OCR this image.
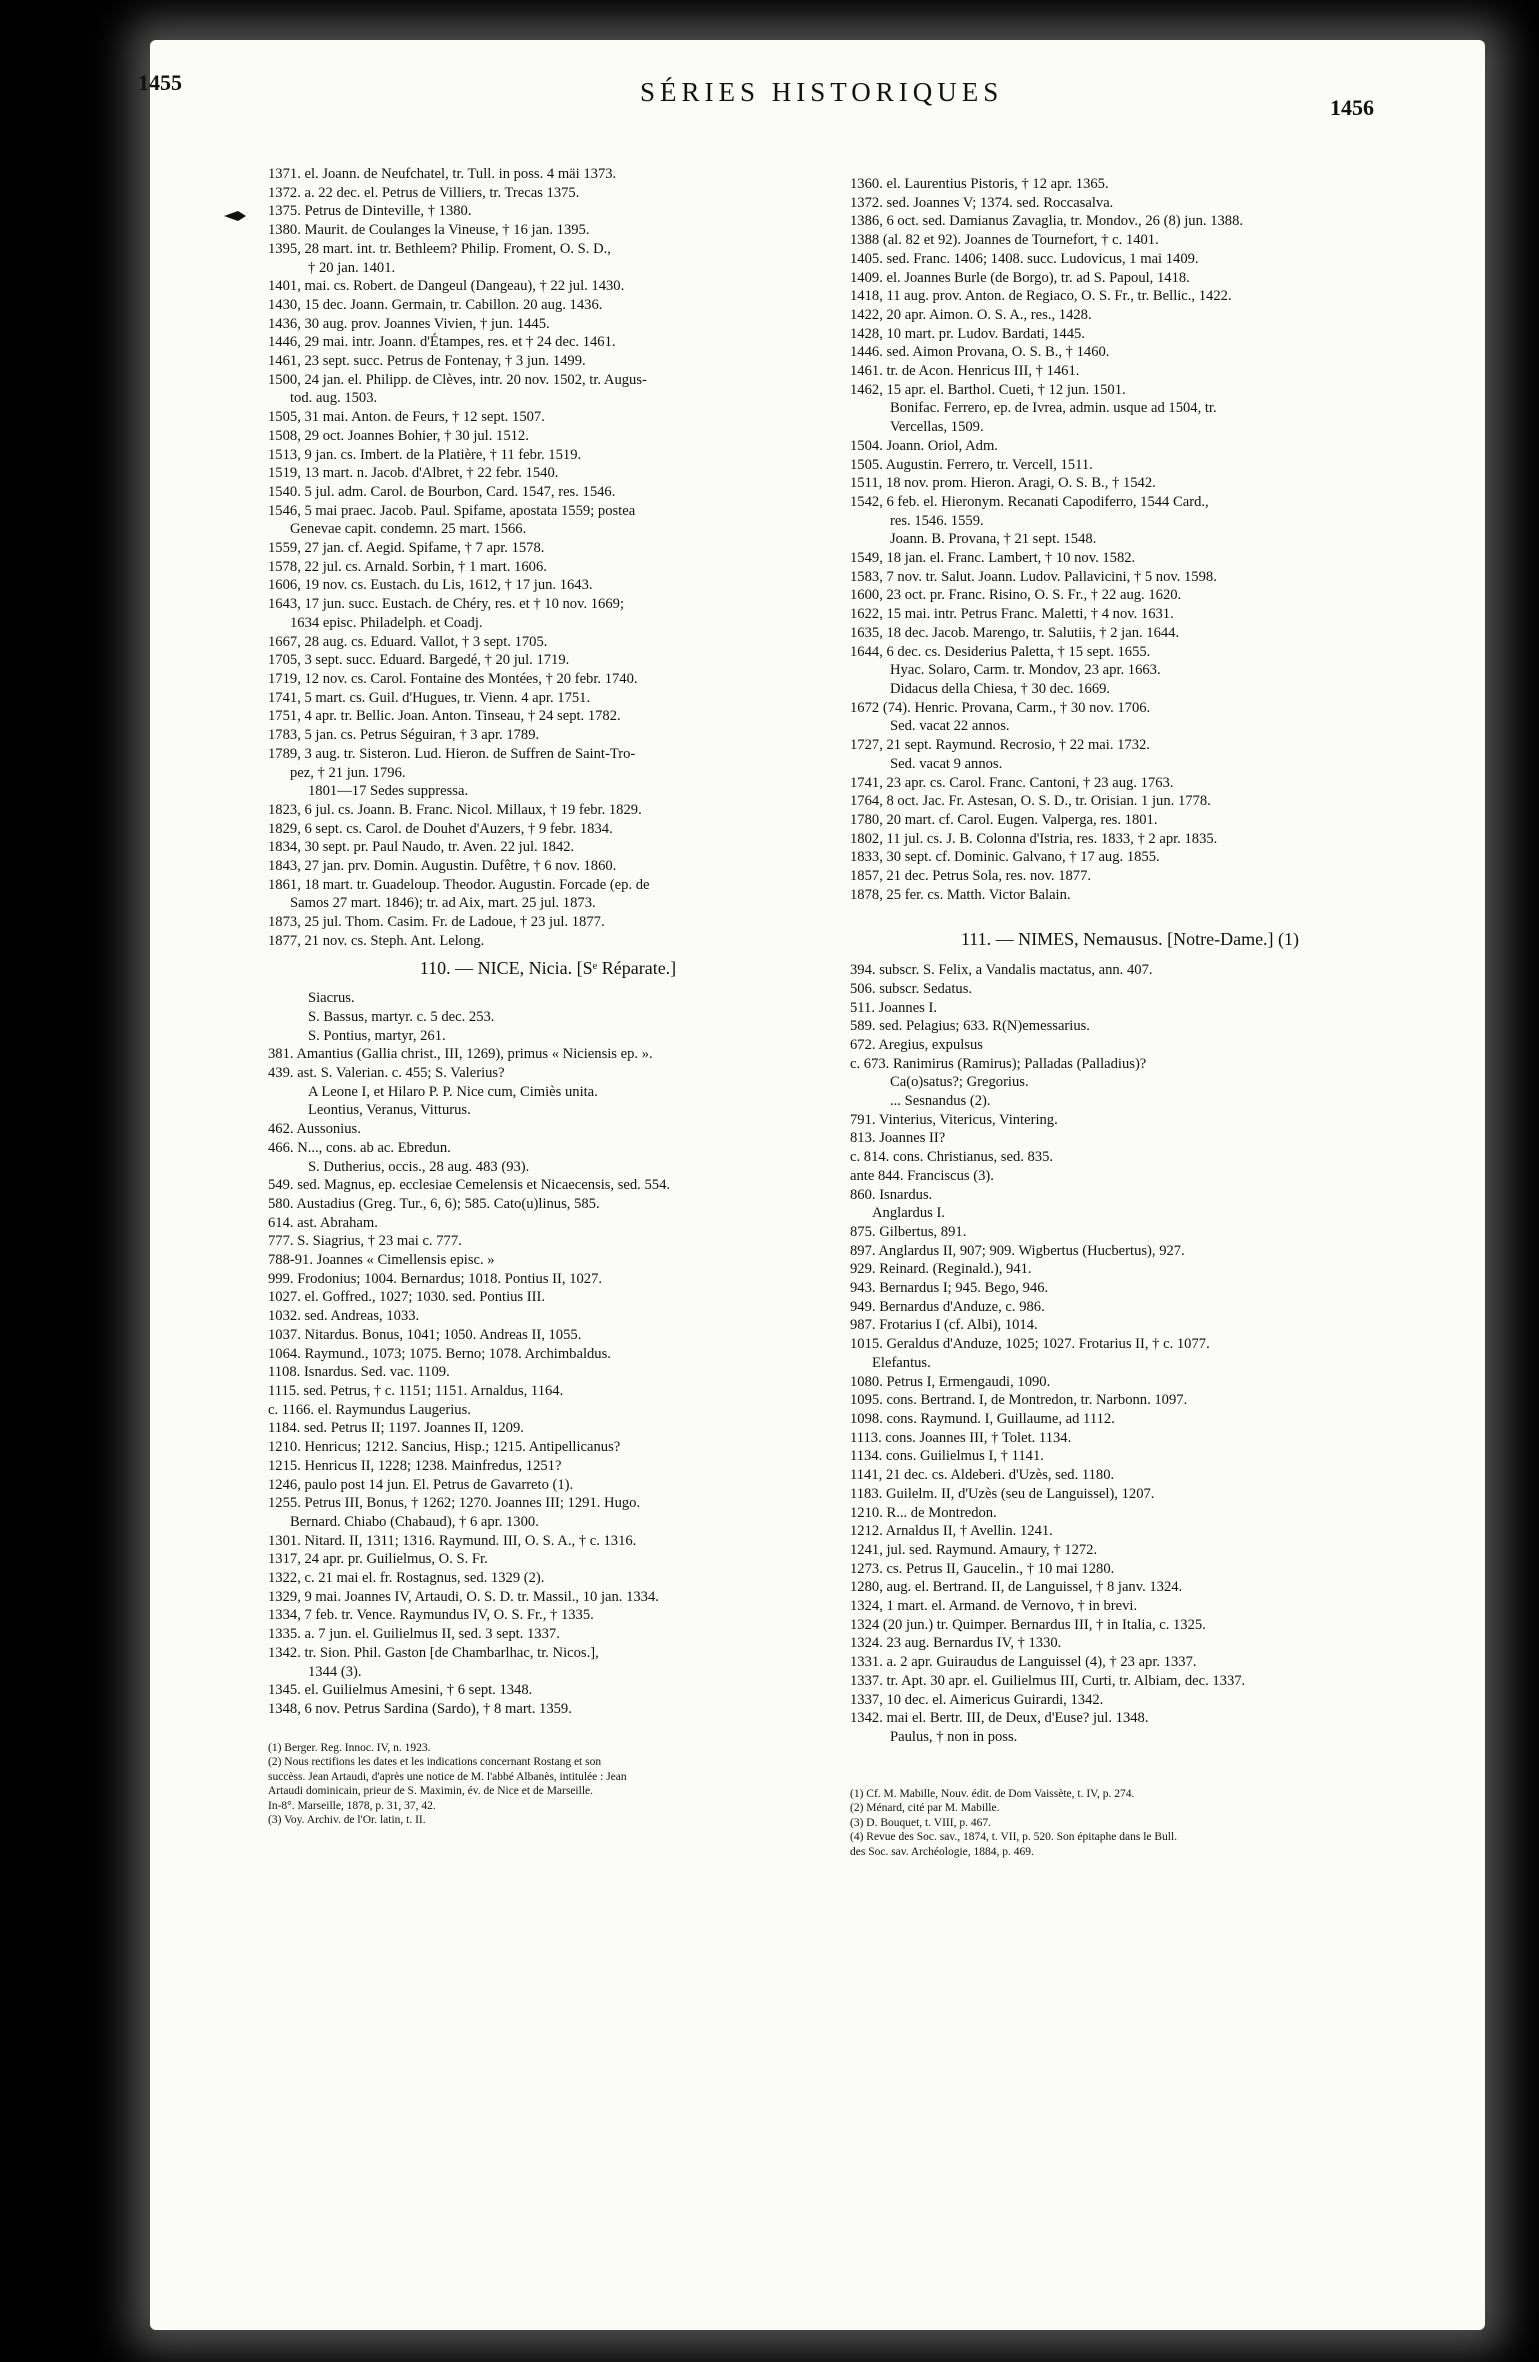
1455	SÉRIES HISTORIQUES
1456
1371. el. Joann. de Neufchatel, tr. Tull. in poss. 4 mäi 1373.
1372. a. 22 dec. el. Petrus de Villiers, tr. Trecas 1375.
1375. Petrus de Dinteville, † 1380.
1380. Maurit. de Coulanges la Vineuse, † 16 jan. 1395.
1395, 28 mart. int. tr. Bethleem? Philip. Froment, O. S. D.,
† 20 jan. 1401.
1401, mai. cs. Robert. de Dangeul (Dangeau), † 22 jul. 1430.
1430, 15 dec. Joann. Germain, tr. Cabillon. 20 aug. 1436.
1436, 30 aug. prov. Joannes Vivien, † jun. 1445.
1446, 29 mai. intr. Joann. d'Étampes, res. et † 24 dec. 1461.
1461, 23 sept. succ. Petrus de Fontenay, † 3 jun. 1499.
1500, 24 jan. el. Philipp. de Clèves, intr. 20 nov. 1502, tr. Augus-
tod. aug. 1503.
1505, 31 mai. Anton. de Feurs, † 12 sept. 1507.
1508, 29 oct. Joannes Bohier, † 30 jul. 1512.
1513, 9 jan. cs. Imbert. de la Platière, † 11 febr. 1519.
1519, 13 mart. n. Jacob. d'Albret, † 22 febr. 1540.
1540. 5 jul. adm. Carol. de Bourbon, Card. 1547, res. 1546.
1546, 5 mai praec. Jacob. Paul. Spifame, apostata 1559; postea
Genevae capit. condemn. 25 mart. 1566.
1559, 27 jan. cf. Aegid. Spifame, † 7 apr. 1578.
1578, 22 jul. cs. Arnald. Sorbin, † 1 mart. 1606.
1606, 19 nov. cs. Eustach. du Lis, 1612, † 17 jun. 1643.
1643, 17 jun. succ. Eustach. de Chéry, res. et † 10 nov. 1669;
1634 episc. Philadelph. et Coadj.
1667, 28 aug. cs. Eduard. Vallot, † 3 sept. 1705.
1705, 3 sept. succ. Eduard. Bargedé, † 20 jul. 1719.
1719, 12 nov. cs. Carol. Fontaine des Montées, † 20 febr. 1740.
1741, 5 mart. cs. Guil. d'Hugues, tr. Vienn. 4 apr. 1751.
1751, 4 apr. tr. Bellic. Joan. Anton. Tinseau, † 24 sept. 1782.
1783, 5 jan. cs. Petrus Séguiran, † 3 apr. 1789.
1789, 3 aug. tr. Sisteron. Lud. Hieron. de Suffren de Saint-Tro-
pez, † 21 jun. 1796.
1801—17 Sedes suppressa.
1823, 6 jul. cs. Joann. B. Franc. Nicol. Millaux, † 19 febr. 1829.
1829, 6 sept. cs. Carol. de Douhet d'Auzers, † 9 febr. 1834.
1834, 30 sept. pr. Paul Naudo, tr. Aven. 22 jul. 1842.
1843, 27 jan. prv. Domin. Augustin. Dufêtre, † 6 nov. 1860.
1861, 18 mart. tr. Guadeloup. Theodor. Augustin. Forcade (ep. de
Samos 27 mart. 1846); tr. ad Aix, mart. 25 jul. 1873.
1873, 25 jul. Thom. Casim. Fr. de Ladoue, † 23 jul. 1877.
1877, 21 nov. cs. Steph. Ant. Lelong.
110. — NICE, Nicia. [Sᵉ Réparate.]
Siacrus.
S. Bassus, martyr. c. 5 dec. 253.
S. Pontius, martyr, 261.
381. Amantius (Gallia christ., III, 1269), primus « Niciensis ep. ».
439. ast. S. Valerian. c. 455; S. Valerius?
A Leone I, et Hilaro P. P. Nice cum, Cimiès unita.
Leontius, Veranus, Vitturus.
462. Aussonius.
466. N..., cons. ab ac. Ebredun.
S. Dutherius, occis., 28 aug. 483 (93).
549. sed. Magnus, ep. ecclesiae Cemelensis et Nicaecensis, sed. 554.
580. Austadius (Greg. Tur., 6, 6); 585. Cato(u)linus, 585.
614. ast. Abraham.
777. S. Siagrius, † 23 mai c. 777.
788-91. Joannes « Cimellensis episc. »
999. Frodonius; 1004. Bernardus; 1018. Pontius II, 1027.
1027. el. Goffred., 1027; 1030. sed. Pontius III.
1032. sed. Andreas, 1033.
1037. Nitardus. Bonus, 1041; 1050. Andreas II, 1055.
1064. Raymund., 1073; 1075. Berno; 1078. Archimbaldus.
1108. Isnardus. Sed. vac. 1109.
1115. sed. Petrus, † c. 1151; 1151. Arnaldus, 1164.
c. 1166. el. Raymundus Laugerius.
1184. sed. Petrus II; 1197. Joannes II, 1209.
1210. Henricus; 1212. Sancius, Hisp.; 1215. Antipellicanus?
1215. Henricus II, 1228; 1238. Mainfredus, 1251?
1246, paulo post 14 jun. El. Petrus de Gavarreto (1).
1255. Petrus III, Bonus, † 1262; 1270. Joannes III; 1291. Hugo.
Bernard. Chiabo (Chabaud), † 6 apr. 1300.
1301. Nitard. II, 1311; 1316. Raymund. III, O. S. A., † c. 1316.
1317, 24 apr. pr. Guilielmus, O. S. Fr.
1322, c. 21 mai el. fr. Rostagnus, sed. 1329 (2).
1329, 9 mai. Joannes IV, Artaudi, O. S. D. tr. Massil., 10 jan. 1334.
1334, 7 feb. tr. Vence. Raymundus IV, O. S. Fr., † 1335.
1335. a. 7 jun. el. Guilielmus II, sed. 3 sept. 1337.
1342. tr. Sion. Phil. Gaston [de Chambarlhac, tr. Nicos.],
1344 (3).
1345. el. Guilielmus Amesini, † 6 sept. 1348.
1348, 6 nov. Petrus Sardina (Sardo), † 8 mart. 1359.
(1) Berger. Reg. Innoc. IV, n. 1923.
(2) Nous rectifions les dates et les indications concernant Rostang et son
succèss. Jean Artaudi, d'après une notice de M. l'abbé Albanès, intitulée : Jean
Artaudi dominicain, prieur de S. Maximin, év. de Nice et de Marseille.
In-8°. Marseille, 1878, p. 31, 37, 42.
(3) Voy. Archiv. de l'Or. latin, t. II.
1360. el. Laurentius Pistoris, † 12 apr. 1365.
1372. sed. Joannes V; 1374. sed. Roccasalva.
1386, 6 oct. sed. Damianus Zavaglia, tr. Mondov., 26 (8) jun. 1388.
1388 (al. 82 et 92). Joannes de Tournefort, † c. 1401.
1405. sed. Franc. 1406; 1408. succ. Ludovicus, 1 mai 1409.
1409. el. Joannes Burle (de Borgo), tr. ad S. Papoul, 1418.
1418, 11 aug. prov. Anton. de Regiaco, O. S. Fr., tr. Bellic., 1422.
1422, 20 apr. Aimon. O. S. A., res., 1428.
1428, 10 mart. pr. Ludov. Bardati, 1445.
1446. sed. Aimon Provana, O. S. B., † 1460.
1461. tr. de Acon. Henricus III, † 1461.
1462, 15 apr. el. Barthol. Cueti, † 12 jun. 1501.
Bonifac. Ferrero, ep. de Ivrea, admin. usque ad 1504, tr.
Vercellas, 1509.
1504. Joann. Oriol, Adm.
1505. Augustin. Ferrero, tr. Vercell, 1511.
1511, 18 nov. prom. Hieron. Aragi, O. S. B., † 1542.
1542, 6 feb. el. Hieronym. Recanati Capodiferro, 1544 Card.,
res. 1546. 1559.
Joann. B. Provana, † 21 sept. 1548.
1549, 18 jan. el. Franc. Lambert, † 10 nov. 1582.
1583, 7 nov. tr. Salut. Joann. Ludov. Pallavicini, † 5 nov. 1598.
1600, 23 oct. pr. Franc. Risino, O. S. Fr., † 22 aug. 1620.
1622, 15 mai. intr. Petrus Franc. Maletti, † 4 nov. 1631.
1635, 18 dec. Jacob. Marengo, tr. Salutiis, † 2 jan. 1644.
1644, 6 dec. cs. Desiderius Paletta, † 15 sept. 1655.
Hyac. Solaro, Carm. tr. Mondov, 23 apr. 1663.
Didacus della Chiesa, † 30 dec. 1669.
1672 (74). Henric. Provana, Carm., † 30 nov. 1706.
Sed. vacat 22 annos.
1727, 21 sept. Raymund. Recrosio, † 22 mai. 1732.
Sed. vacat 9 annos.
1741, 23 apr. cs. Carol. Franc. Cantoni, † 23 aug. 1763.
1764, 8 oct. Jac. Fr. Astesan, O. S. D., tr. Orisian. 1 jun. 1778.
1780, 20 mart. cf. Carol. Eugen. Valperga, res. 1801.
1802, 11 jul. cs. J. B. Colonna d'Istria, res. 1833, † 2 apr. 1835.
1833, 30 sept. cf. Dominic. Galvano, † 17 aug. 1855.
1857, 21 dec. Petrus Sola, res. nov. 1877.
1878, 25 fer. cs. Matth. Victor Balain.
111. — NIMES, Nemausus. [Notre-Dame.] (1)
394. subscr. S. Felix, a Vandalis mactatus, ann. 407.
506. subscr. Sedatus.
511. Joannes I.
589. sed. Pelagius; 633. R(N)emessarius.
672. Aregius, expulsus
c. 673. Ranimirus (Ramirus); Palladas (Palladius)?
Ca(o)satus?; Gregorius.
... Sesnandus (2).
791. Vinterius, Vitericus, Vintering.
813. Joannes II?
c. 814. cons. Christianus, sed. 835.
ante 844. Franciscus (3).
860. Isnardus.
Anglardus I.
875. Gilbertus, 891.
897. Anglardus II, 907; 909. Wigbertus (Hucbertus), 927.
929. Reinard. (Reginald.), 941.
943. Bernardus I; 945. Bego, 946.
949. Bernardus d'Anduze, c. 986.
987. Frotarius I (cf. Albi), 1014.
1015. Geraldus d'Anduze, 1025; 1027. Frotarius II, † c. 1077.
Elefantus.
1080. Petrus I, Ermengaudi, 1090.
1095. cons. Bertrand. I, de Montredon, tr. Narbonn. 1097.
1098. cons. Raymund. I, Guillaume, ad 1112.
1113. cons. Joannes III, † Tolet. 1134.
1134. cons. Guilielmus I, † 1141.
1141, 21 dec. cs. Aldeberi. d'Uzès, sed. 1180.
1183. Guilelm. II, d'Uzès (seu de Languissel), 1207.
1210. R... de Montredon.
1212. Arnaldus II, † Avellin. 1241.
1241, jul. sed. Raymund. Amaury, † 1272.
1273. cs. Petrus II, Gaucelin., † 10 mai 1280.
1280, aug. el. Bertrand. II, de Languissel, † 8 janv. 1324.
1324, 1 mart. el. Armand. de Vernovo, † in brevi.
1324 (20 jun.) tr. Quimper. Bernardus III, † in Italia, c. 1325.
1324. 23 aug. Bernardus IV, † 1330.
1331. a. 2 apr. Guiraudus de Languissel (4), † 23 apr. 1337.
1337. tr. Apt. 30 apr. el. Guilielmus III, Curti, tr. Albiam, dec. 1337.
1337, 10 dec. el. Aimericus Guirardi, 1342.
1342. mai el. Bertr. III, de Deux, d'Euse? jul. 1348.
Paulus, † non in poss.
(1) Cf. M. Mabille, Nouv. édit. de Dom Vaissète, t. IV, p. 274.
(2) Ménard, cité par M. Mabille.
(3) D. Bouquet, t. VIII, p. 467.
(4) Revue des Soc. sav., 1874, t. VII, p. 520. Son épitaphe dans le Bull.
des Soc. sav. Archéologie, 1884, p. 469.
